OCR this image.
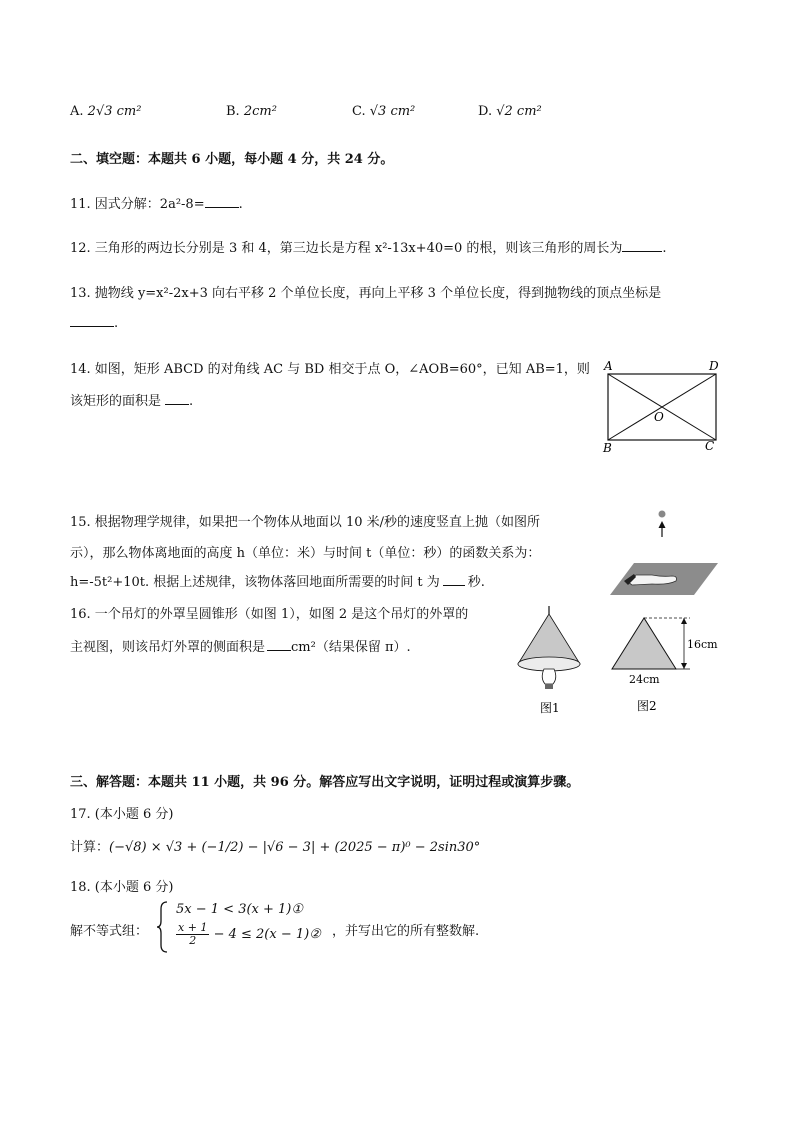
A. 2√3 cm²	B. 2cm²	C. √3 cm²	D. √2 cm²
二、填空题：本题共 6 小题，每小题 4 分，共 24 分。
11. 因式分解：2a²-8=	.
12. 三角形的两边长分别是 3 和 4，第三边长是方程 x²-13x+40=0 的根，则该三角形的周长为	.
13. 抛物线 y=x²-2x+3 向右平移 2 个单位长度，再向上平移 3 个单位长度，得到抛物线的顶点坐标是
.
14. 如图，矩形 ABCD 的对角线 AC 与 BD 相交于点 O，∠AOB=60°，已知 AB=1，则
该矩形的面积是 .
A	D
B	C
O
15. 根据物理学规律，如果把一个物体从地面以 10 米/秒的速度竖直上抛（如图所
示），那么物体离地面的高度 h（单位：米）与时间 t（单位：秒）的函数关系为：
h=-5t²+10t. 根据上述规律，该物体落回地面所需要的时间 t 为 秒.
16. 一个吊灯的外罩呈圆锥形（如图 1），如图 2 是这个吊灯的外罩的
主视图，则该吊灯外罩的侧面积是 cm²（结果保留 π）.
图1
16cm
24cm
图2
三、解答题：本题共 11 小题，共 96 分。解答应写出文字说明，证明过程或演算步骤。
17. (本小题 6 分)
计算：(−√8) × √3 + (−1/2) − |√6 − 3| + (2025 − π)⁰ − 2sin30°
18. (本小题 6 分)
解不等式组：
5x − 1 < 3(x + 1)①
$\frac{x + 1}{2} - 4 \le 2(x$ − 1)② ，并写出它的所有整数解.
